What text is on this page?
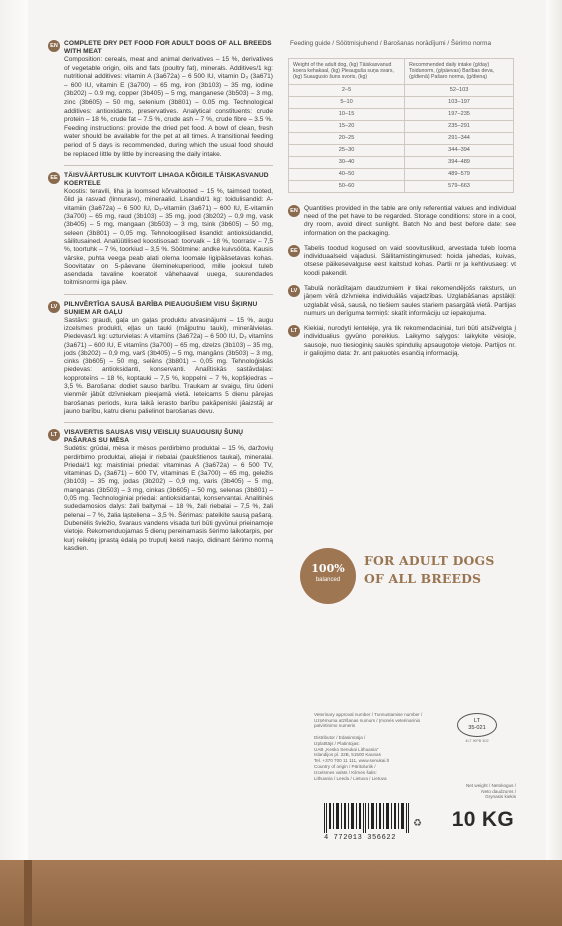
EN COMPLETE DRY PET FOOD FOR ADULT DOGS OF ALL BREEDS WITH MEAT

Composition: cereals, meat and animal derivatives – 15 %, derivatives of vegetable origin, oils and fats (poultry fat), minerals. Additives/1 kg: nutritional additives: vitamin A (3a672a) – 6 500 IU, vitamin D₃ (3a671) – 600 IU, vitamin E (3a700) – 65 mg, iron (3b103) – 35 mg, iodine (3b202) – 0.9 mg, copper (3b405) – 5 mg, manganese (3b503) – 3 mg, zinc (3b605) – 50 mg, selenium (3b801) – 0.05 mg. Technological additives: antioxidants, preservatives. Analytical constituents: crude protein – 18 %, crude fat – 7.5 %, crude ash – 7 %, crude fibre – 3.5 %. Feeding instructions: provide the dried pet food. A bowl of clean, fresh water should be available for the pet at all times. A transitional feeding period of 5 days is recommended, during which the usual food should be replaced little by little by increasing the daily intake.

EE TÄISVÄÄRTUSLIK KUIVTOIT LIHAGA KÕIGILE TÄISKASVANUD KOERTELE

Koostis: teravili, liha ja loomsed kõrvaltooted – 15 %, taimsed tooted, õlid ja rasvad (linnurasv), mineraalid. Lisandid/1 kg: toidulisandid: A-vitamiin (3a672a) – 6 500 IU, D₃-vitamiin (3a671) – 600 IU, E-vitamiin (3a700) – 65 mg, raud (3b103) – 35 mg, jood (3b202) – 0,9 mg, vask (3b405) – 5 mg, mangaan (3b503) – 3 mg, tsink (3b605) – 50 mg, seleen (3b801) – 0,05 mg. Tehnoloogilised lisandid: antioksüdandid, säilitusained. Analüütilised koostisosad: toorvalk – 18 %, toorrasv – 7,5 %, toortuhk – 7 %, toorkiud – 3,5 %. Söötmine: andke kuivsööta. Kausis värske, puhta veega peab alati olema loomale ligipääsetavas kohas. Soovitatav on 5-päevane üleminekuperiood, mille jooksul tuleb asendada tavaline koeratoit vähehaaval uuega, suurendades toitmisnormi iga päev.

LV	PILNVĒRTĪGA SAUSĀ BARĪBA PIEAUGUŠIEM VISU ŠĶIRŅU SUŅIEM AR GAĻU

Sastāvs: graudi, gaļa un gaļas produktu atvasinājumi – 15 %, augu izcelsmes produkti, eļļas un tauki (mājputnu tauki), minerālvielas. Piedevas/1 kg: uzturvielas: A vitamīns (3a672a) – 6 500 IU, D₃ vitamīns (3a671) – 600 IU, E vitamīns (3a700) – 65 mg, dzelzs (3b103) – 35 mg, jods (3b202) – 0,9 mg, varš (3b405) – 5 mg, mangāns (3b503) – 3 mg, cinks (3b605) – 50 mg, selēns (3b801) – 0,05 mg. Tehnoloģiskās piedevas: antioksidanti, konservanti. Analītiskās sastāvdaļas: kopproteīns – 18 %, koptauki – 7,5 %, koppelni – 7 %, kopšķiedras – 3,5 %. Barošana: dodiet sauso barību. Traukam ar svaigu, tīru ūdeni vienmēr jābūt dzīvniekam pieejamā vietā. Ieteicams 5 dienu pārejas barošanas periods, kura laikā ierasto barību pakāpeniski jāaizstāj ar jauno barību, katru dienu palielinot barošanas devu.

LT	VISAVERTIS SAUSAS VISŲ VEISLIŲ SUAUGUSIŲ ŠUNŲ PAŠARAS SU MĖSA

Sudėtis: grūdai, mėsa ir mėsos perdirbimo produktai – 15 %, daržovių perdirbimo produktai, aliejai ir riebalai (paukštienos taukai), mineralai. Priedai/1 kg: maistiniai priedai: vitaminas A (3a672a) – 6 500 TV, vitaminas D₃ (3a671) – 600 TV, vitaminas E (3a700) – 65 mg, geležis (3b103) – 35 mg, jodas (3b202) – 0,9 mg, varis (3b405) – 5 mg, manganas (3b503) – 3 mg, cinkas (3b605) – 50 mg, selenas (3b801) – 0,05 mg. Technologiniai priedai: antioksidantai, konservantai. Analitinės sudedamosios dalys: žali baltymai – 18 %, žali riebalai – 7,5 %, žali pelenai – 7 %, žalia ląsteliena – 3,5 %. Šėrimas: pateikite sausą pašarą. Dubenėlis šviežio, švaraus vandens visada turi būti gyvūnui prieinamoje vietoje. Rekomenduojamas 5 dienų pereinamasis šėrimo laikotarpis, per kurį reikėtų įprastą ėdalą po truputį keisti naujo, didinant šėrimo normą kasdien.

Feeding guide / Söötmisjuhend / Barošanas norādījumi / Šėrimo norma
Weight of the adult dog, (kg) Täiskasvanud koera kehakaal, (kg) Pieauguša suņa svars, (kg) Suaugusio šuns svoris, (kg)	Recommended daily intake (g/day) Toidunorm, (g/päevas) Barības deva, (g/dienā) Pašaro norma, (g/dieną)
2–5	52–103
5–10	103–197
10–15	197–235
15–20	235–291
20–25	291–344
25–30	344–394
30–40	394–489
40–50	489–579
50–60	579–663
EN Quantities provided in the table are only referential values and individual need of the pet have to be regarded. Storage conditions: store in a cool, dry room, avoid direct sunlight. Batch No and best before date: see information on the packaging.

EE Tabelis toodud kogused on vaid soovituslikud, arvestada tuleb looma individuaalseid vajadusi. Säilitamistingimused: hoida jahedas, kuivas, otsese päikesevalguse eest kaitstud kohas. Partii nr ja kehtivusaeg: vt koodi pakendil.

LV	Tabulā norādītajam daudzumiem ir tikai rekomendējošs raksturs, un jāņem vērā dzīvnieka individuālās vajadzības. Uzglabāšanas apstākļi: uzglabāt vēsā, sausā, no tiešiem saules stariem pasargātā vietā. Partijas numurs un derīguma termiņš: skatīt informāciju uz iepakojuma.

LT	Kiekiai, nurodyti lentelėje, yra tik rekomendaciniai, turi būti atsižvelgta į individualius gyvūno poreikius. Laikymo sąlygos: laikykite vėsioje, sausoje, nuo tiesioginių saulės spindulių apsaugotoje vietoje. Partijos nr. ir galiojimo data: žr. ant pakuotės esančią informaciją.

100%
balanced
FOR ADULT DOGS
OF ALL BREEDS
Veterinary approval number / Tunnustamise number /
Uzņēmuma atzīšanas numurs / Įmonės veterinarinio
patvirtinimo numeris
LT
35-021
4LT IKPB 302
Distributor / Edasimüüja /
Izplatītājs / Platintojas:
UAB „Kesko Senukai Lithuania“
Islandijos pl. 32B, 51500 Kaunas
Tel. +370 700 11 111, www.senukai.lt
Country of origin / Päritoluriik /
Izcelsmes valsts / Kilmės šalis:
Lithuania / Leedu / Lietuva / Lietuva
Net weight / Netokogus /
Neto daudzums /
Grynasis kiekis
4 772013 356622
♻	10 KG
